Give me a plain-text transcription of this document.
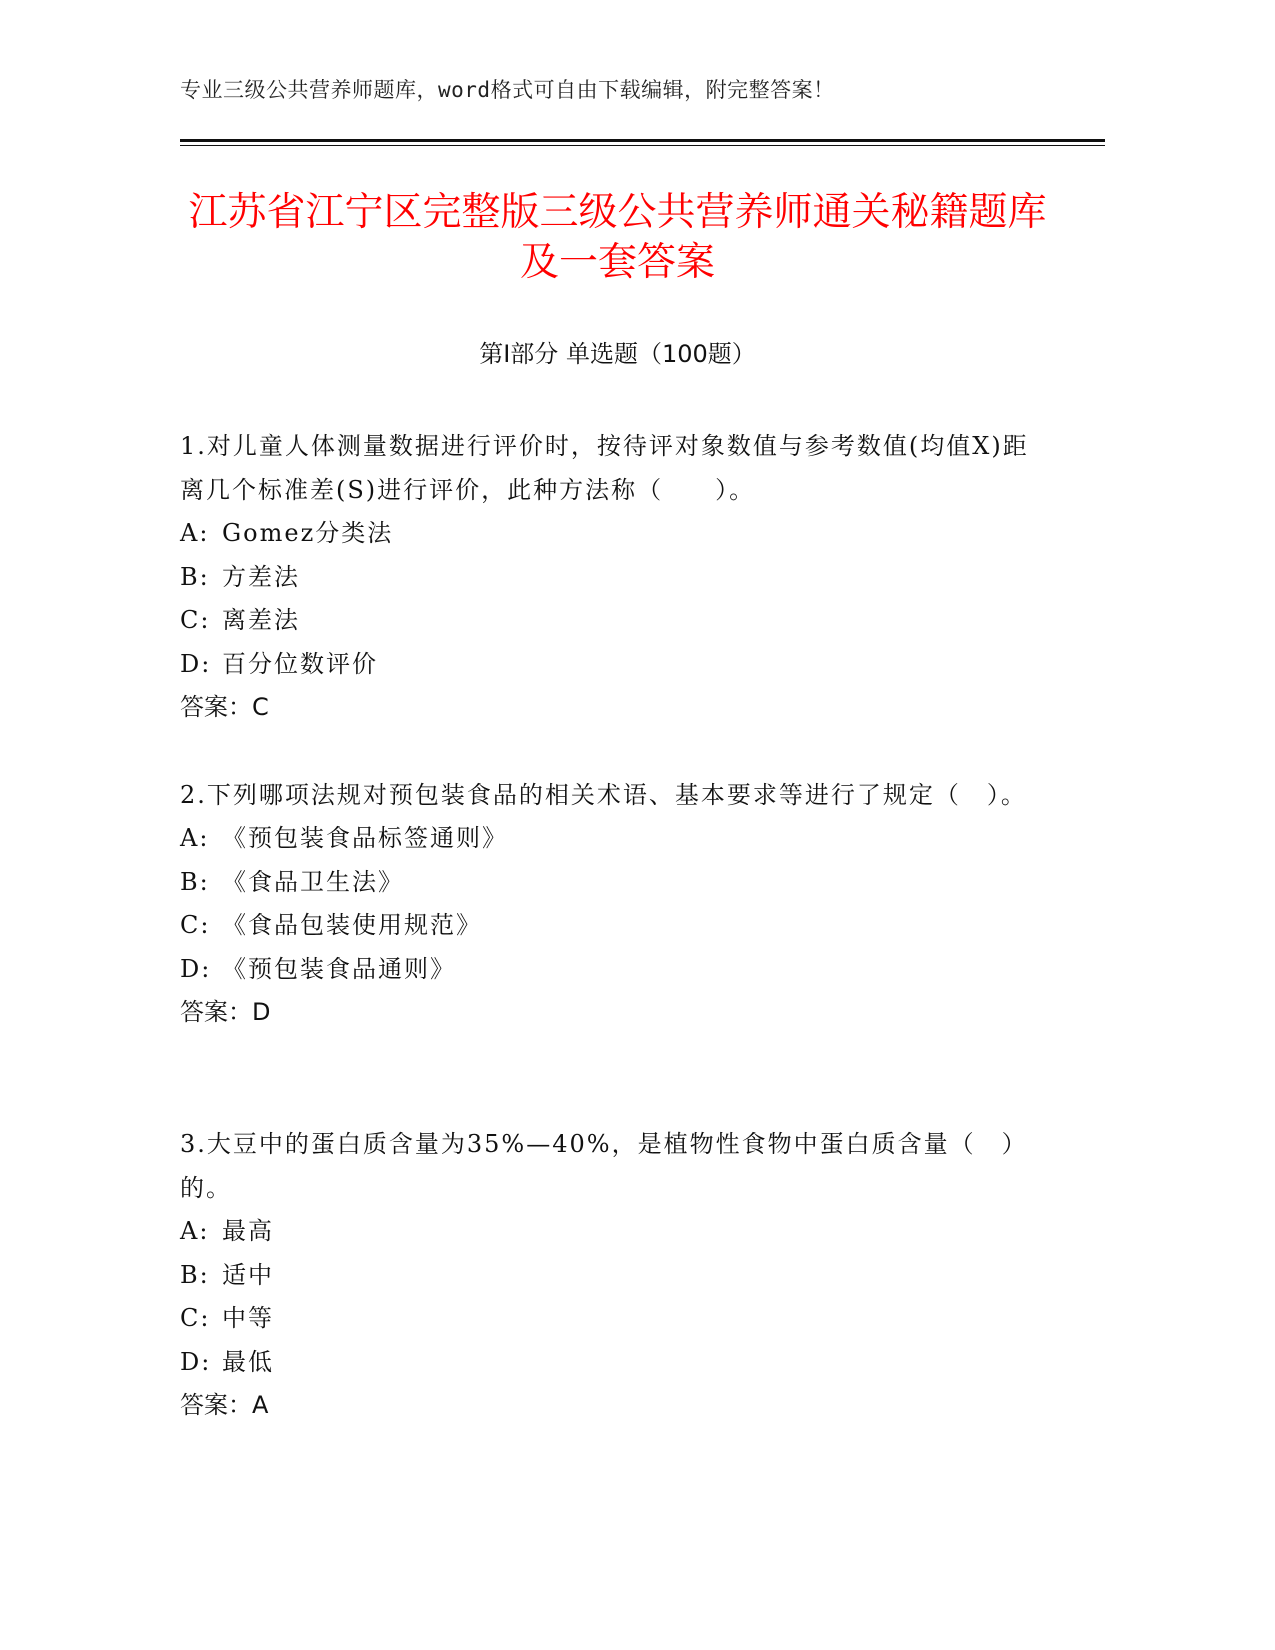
专业三级公共营养师题库，word格式可自由下载编辑，附完整答案！
江苏省江宁区完整版三级公共营养师通关秘籍题库及一套答案
第Ⅰ部分 单选题（100题）

1.对儿童人体测量数据进行评价时，按待评对象数值与参考数值(均值X)距离几个标准差(S)进行评价，此种方法称（　　）。

A: Gomez分类法

B: 方差法

C: 离差法

D: 百分位数评价

答案：C

2.下列哪项法规对预包装食品的相关术语、基本要求等进行了规定（　）。

A: 《预包装食品标签通则》

B: 《食品卫生法》

C: 《食品包装使用规范》

D: 《预包装食品通则》

答案：D

3.大豆中的蛋白质含量为35%—40%，是植物性食物中蛋白质含量（　）的。

A: 最高

B: 适中

C: 中等

D: 最低

答案：A
